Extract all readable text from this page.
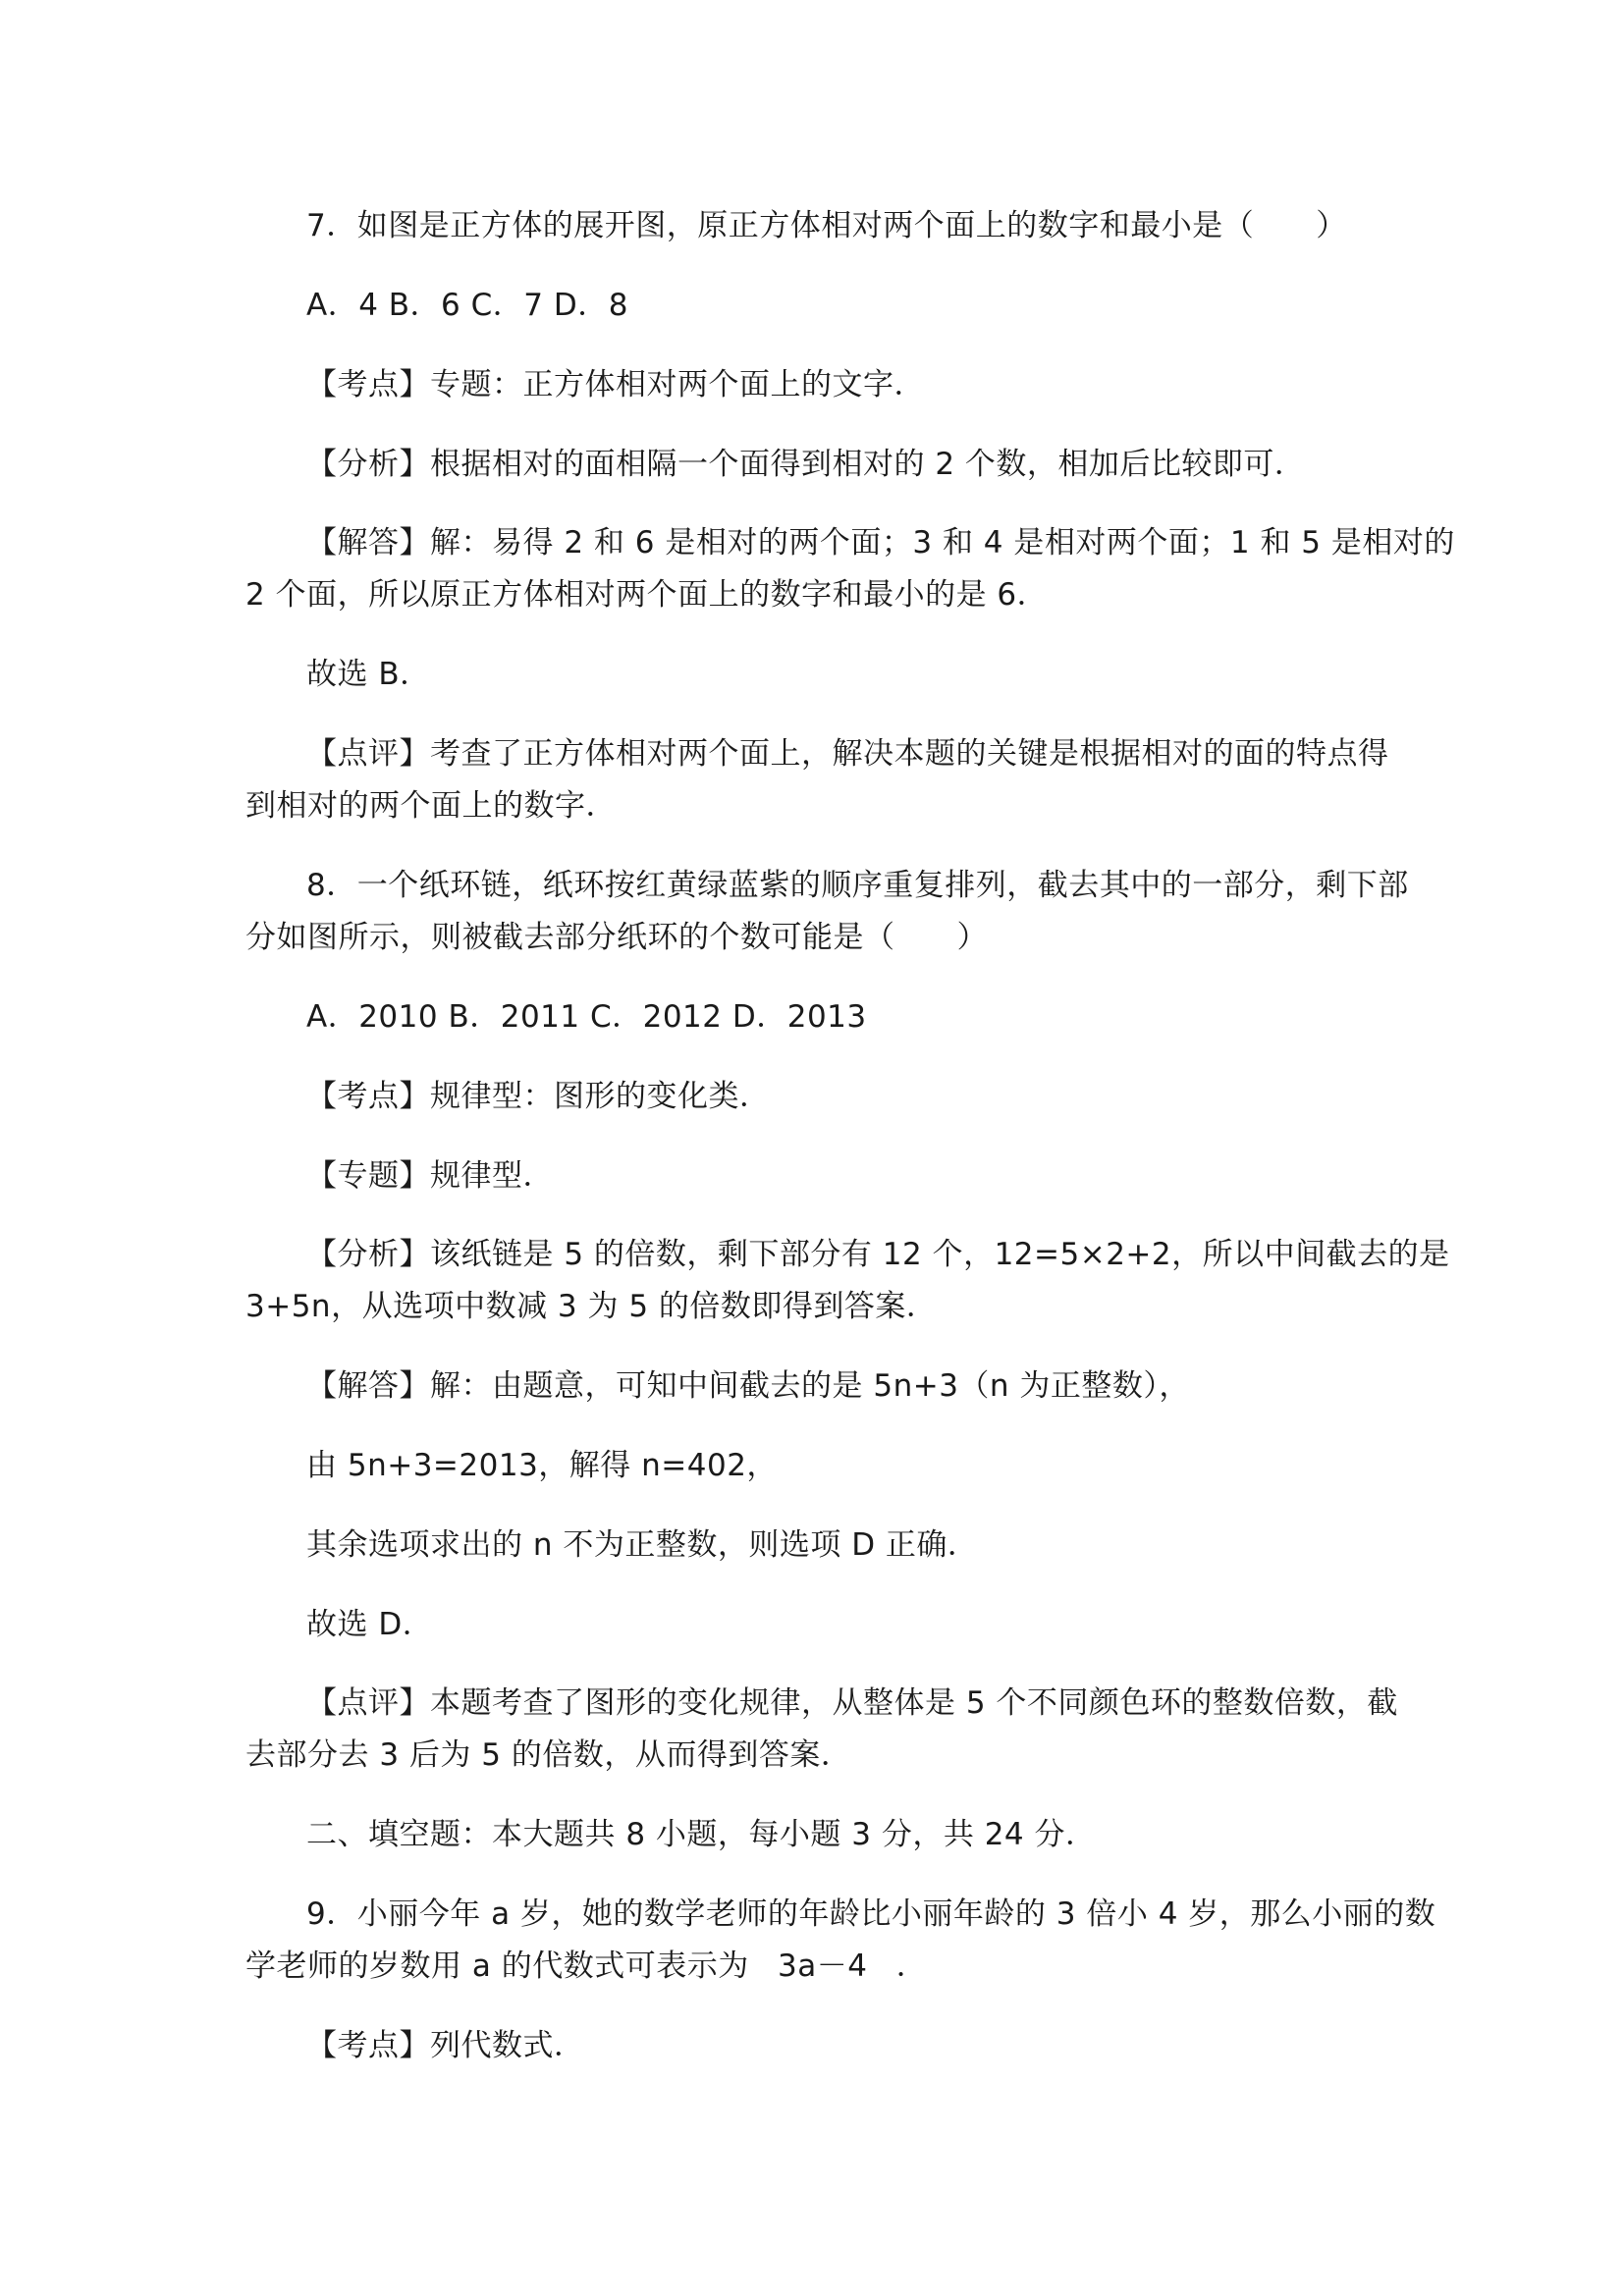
7．如图是正方体的展开图，原正方体相对两个面上的数字和最小是（　　）
A．4 B．6 C．7 D．8
【考点】专题：正方体相对两个面上的文字．
【分析】根据相对的面相隔一个面得到相对的 2 个数，相加后比较即可．
【解答】解：易得 2 和 6 是相对的两个面；3 和 4 是相对两个面；1 和 5 是相对的
2 个面，所以原正方体相对两个面上的数字和最小的是 6．
故选 B．
【点评】考查了正方体相对两个面上，解决本题的关键是根据相对的面的特点得
到相对的两个面上的数字．
8．一个纸环链，纸环按红黄绿蓝紫的顺序重复排列，截去其中的一部分，剩下部
分如图所示，则被截去部分纸环的个数可能是（　　）
A．2010 B．2011 C．2012 D．2013
【考点】规律型：图形的变化类．
【专题】规律型．
【分析】该纸链是 5 的倍数，剩下部分有 12 个，12=5×2+2，所以中间截去的是
3+5n，从选项中数减 3 为 5 的倍数即得到答案．
【解答】解：由题意，可知中间截去的是 5n+3（n 为正整数），
由 5n+3=2013，解得 n=402，
其余选项求出的 n 不为正整数，则选项 D 正确．
故选 D．
【点评】本题考查了图形的变化规律，从整体是 5 个不同颜色环的整数倍数，截
去部分去 3 后为 5 的倍数，从而得到答案．
二、填空题：本大题共 8 小题，每小题 3 分，共 24 分．
9．小丽今年 a 岁，她的数学老师的年龄比小丽年龄的 3 倍小 4 岁，那么小丽的数
学老师的岁数用 a 的代数式可表示为 3a－4 ．
【考点】列代数式．
